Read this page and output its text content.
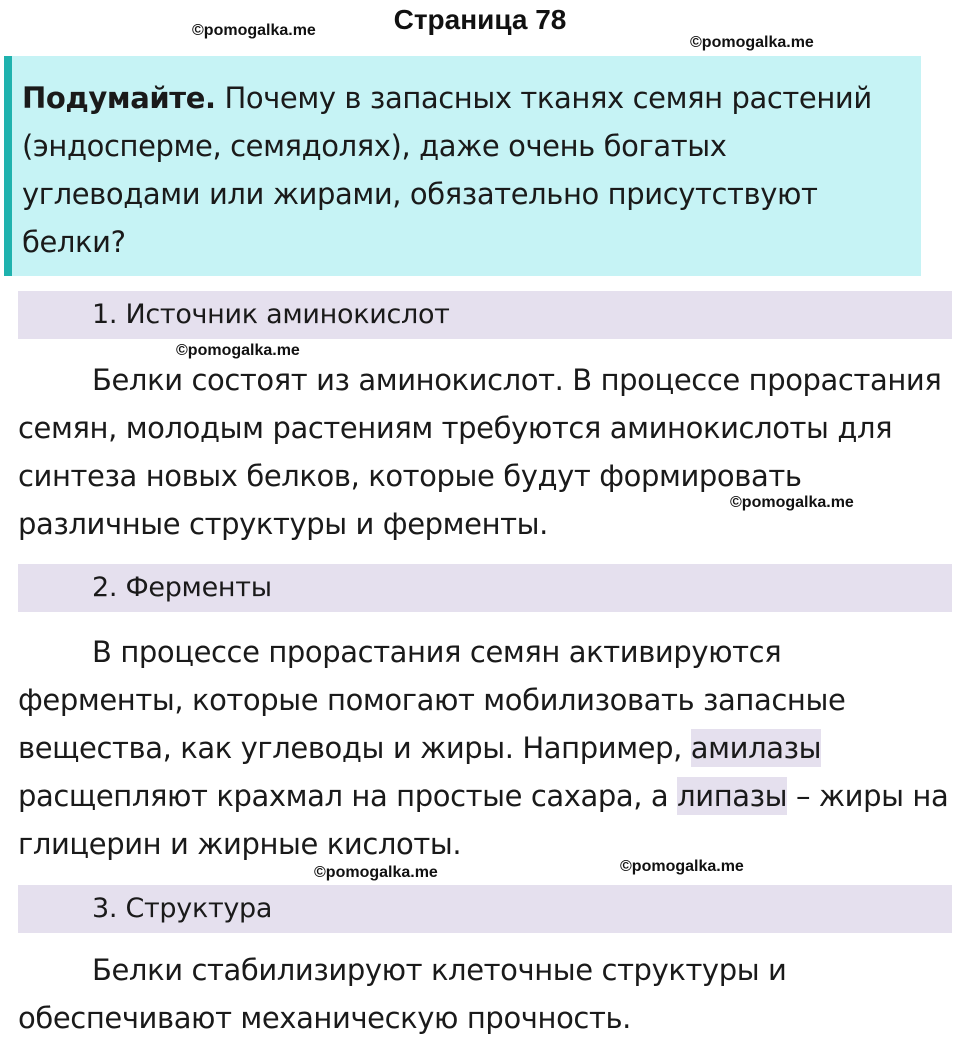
Страница 78
©pomogalka.me
©pomogalka.me
Подумайте. Почему в запасных тканях семян растений (эндосперме, семядолях), даже очень богатых углеводами или жирами, обязательно присутствуют белки?
1. Источник аминокислот
©pomogalka.me
Белки состоят из аминокислот. В процессе прорастания семян, молодым растениям требуются аминокислоты для синтеза новых белков, которые будут формировать различные структуры и ферменты.
©pomogalka.me
2. Ферменты
В процессе прорастания семян активируются ферменты, которые помогают мобилизовать запасные вещества, как углеводы и жиры. Например, амилазы расщепляют крахмал на простые сахара, а липазы – жиры на глицерин и жирные кислоты.
©pomogalka.me	©pomogalka.me
3. Структура
Белки стабилизируют клеточные структуры и обеспечивают механическую прочность.
